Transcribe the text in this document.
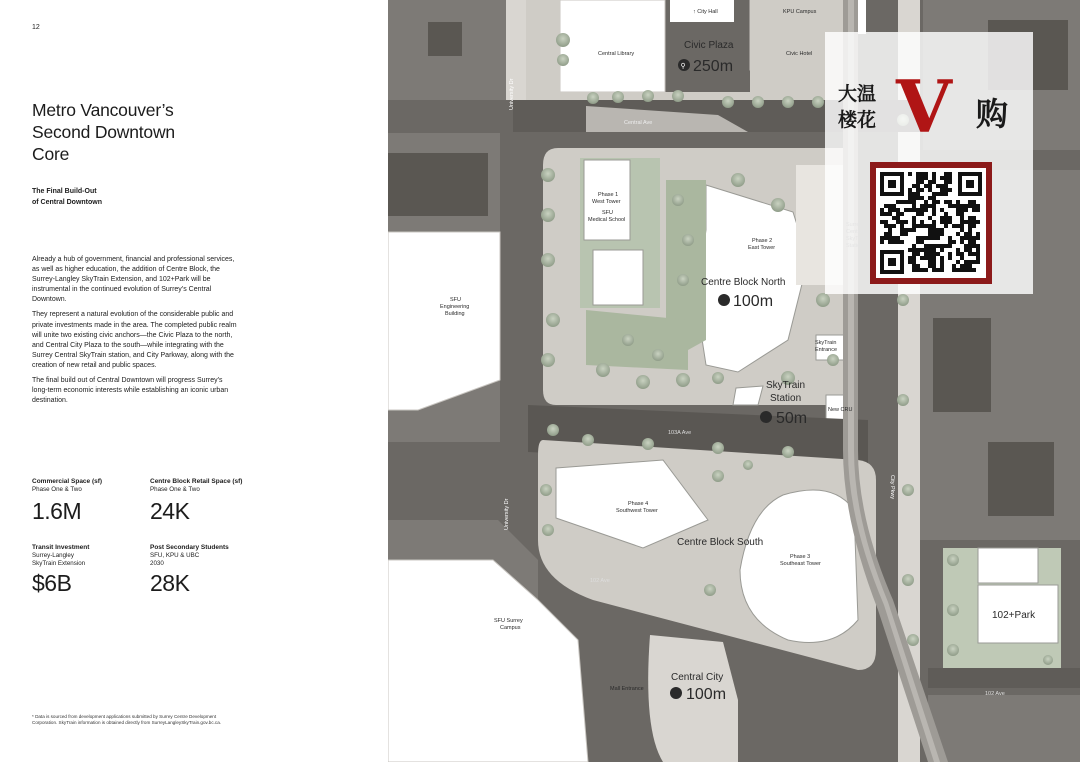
12
Metro Vancouver’s
Second Downtown
Core
The Final Build-Out
of Central Downtown

Already a hub of government, financial and professional services, as well as higher education, the addition of Centre Block, the Surrey-Langley SkyTrain Extension, and 102+Park will be instrumental in the continued evolution of Surrey’s Central Downtown.

They represent a natural evolution of the considerable public and private investments made in the area. The completed public realm will unite two existing civic anchors—the Civic Plaza to the north, and Central City Plaza to the south—while integrating with the Surrey Central SkyTrain station, and City Parkway, along with the creation of new retail and public spaces.

The final build out of Central Downtown will progress Surrey’s long-term economic interests while establishing an iconic urban destination.

Commercial Space (sf)
Phase One & Two
1.6M
Centre Block Retail Space (sf)
Phase One & Two
24K
Transit Investment
Surrey-Langley
SkyTrain Extension
$6B
Post Secondary Students
SFU, KPU & UBC
2030
28K
* Data is sourced from development applications submitted by Surrey Centre Development Corporation. SkyTrain information is obtained directly from SurreyLangleySkyTrain.gov.bc.ca.
↑ City Hall	KPU Campus
Central Library	Civic Hotel
Central Ave
Phase 1
West Tower
SFU
Medical School
Phase 2
East Tower
SFU
Engineering
Building
SkyTrain
Entrance
New CRU
103A Ave
Phase 4
Southwest Tower
Phase 3
Southeast Tower
102 Ave
102 Ave
SFU Surrey
Campus
Mall Entrance
University Dr
University Dr
City Pkwy
Civic Plaza
⚲ 250m
Centre Block North
100m
SkyTrain
Station
50m
Centre Block South
102+Park
Central City
100m
大温
楼花 V 购
